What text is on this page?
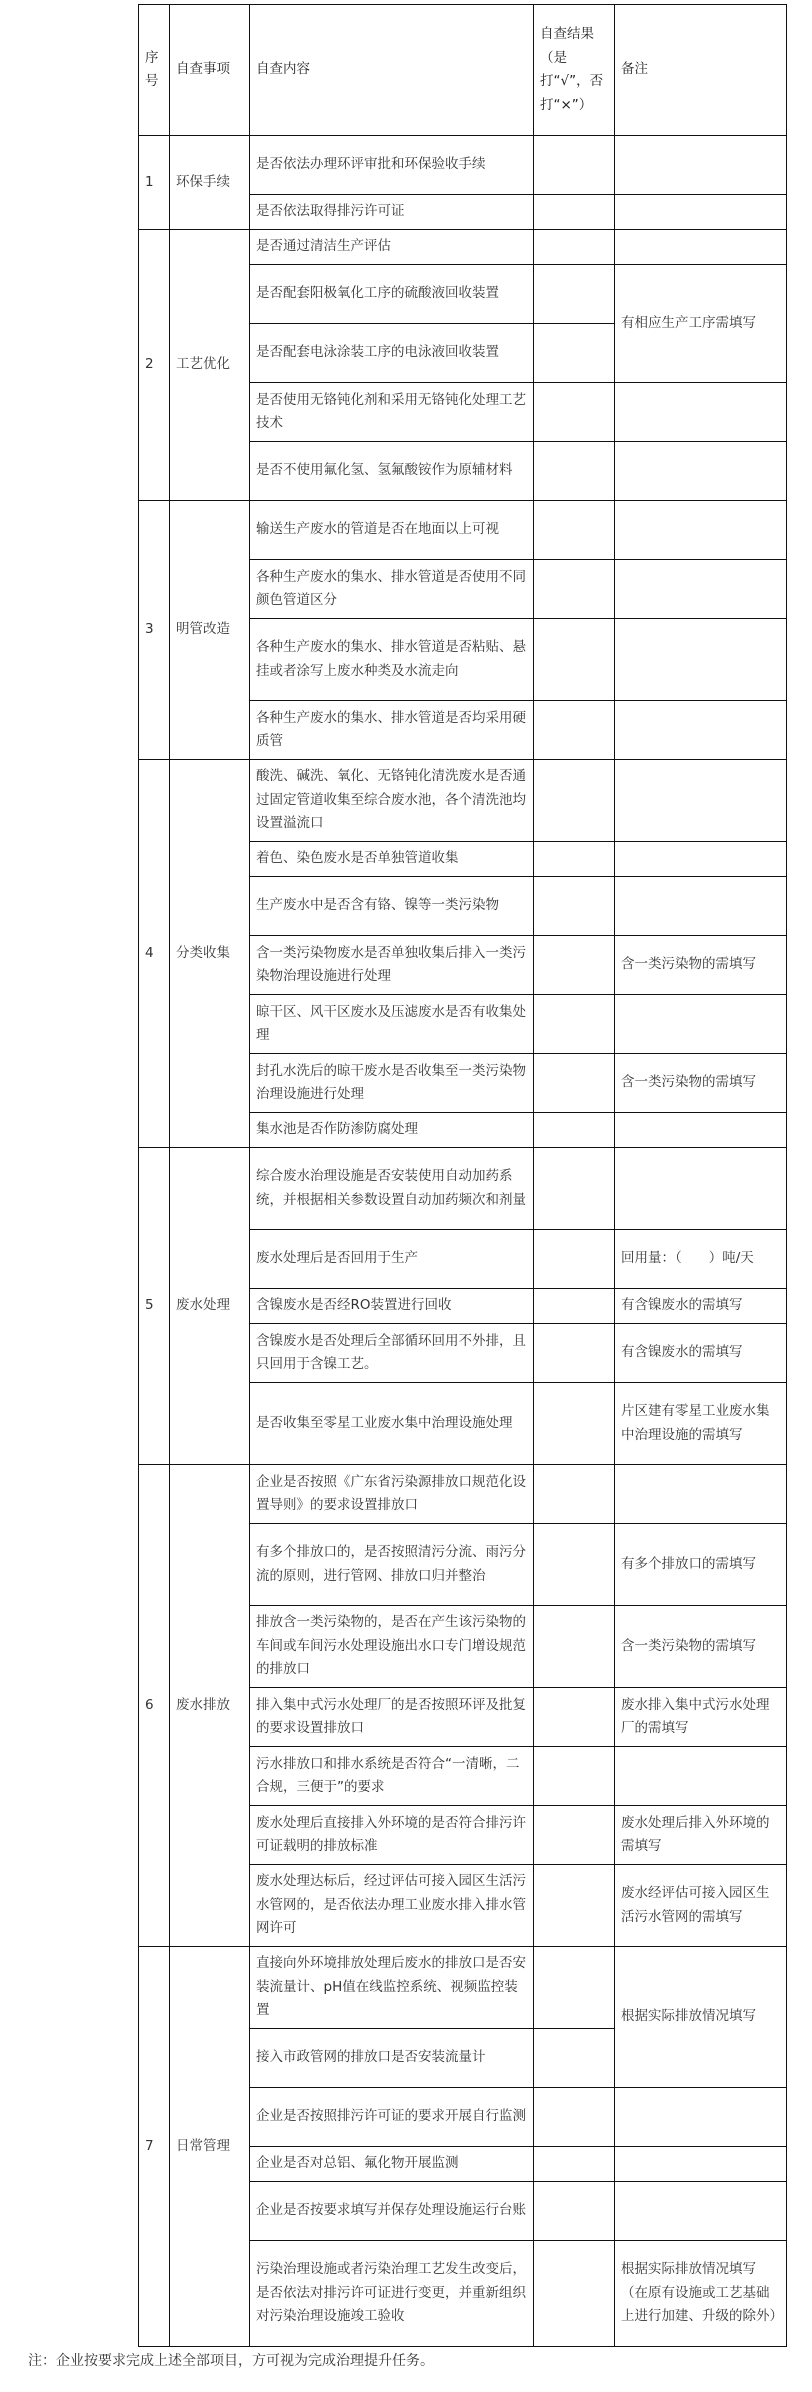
序号	自查事项	自查内容	自查结果（是打“√”，否打“×”）	备注
1	环保手续	是否依法办理环评审批和环保验收手续		
		是否依法取得排污许可证		
2	工艺优化	是否通过清洁生产评估		
		是否配套阳极氧化工序的硫酸液回收装置		有相应生产工序需填写
		是否配套电泳涂装工序的电泳液回收装置		
		是否使用无铬钝化剂和采用无铬钝化处理工艺技术		
		是否不使用氟化氢、氢氟酸铵作为原辅材料		
3	明管改造	输送生产废水的管道是否在地面以上可视		
		各种生产废水的集水、排水管道是否使用不同颜色管道区分		
		各种生产废水的集水、排水管道是否粘贴、悬挂或者涂写上废水种类及水流走向		
		各种生产废水的集水、排水管道是否均采用硬质管		
4	分类收集	酸洗、碱洗、氧化、无铬钝化清洗废水是否通过固定管道收集至综合废水池，各个清洗池均设置溢流口		
		着色、染色废水是否单独管道收集		
		生产废水中是否含有铬、镍等一类污染物		
		含一类污染物废水是否单独收集后排入一类污染物治理设施进行处理		含一类污染物的需填写
		晾干区、风干区废水及压滤废水是否有收集处理		
		封孔水洗后的晾干废水是否收集至一类污染物治理设施进行处理		含一类污染物的需填写
		集水池是否作防渗防腐处理		
5	废水处理	综合废水治理设施是否安装使用自动加药系统，并根据相关参数设置自动加药频次和剂量		
		废水处理后是否回用于生产		回用量：（　　）吨/天
		含镍废水是否经RO装置进行回收		有含镍废水的需填写
		含镍废水是否处理后全部循环回用不外排，且只回用于含镍工艺。		有含镍废水的需填写
		是否收集至零星工业废水集中治理设施处理		片区建有零星工业废水集中治理设施的需填写
6	废水排放	企业是否按照《广东省污染源排放口规范化设置导则》的要求设置排放口		
		有多个排放口的，是否按照清污分流、雨污分流的原则，进行管网、排放口归并整治		有多个排放口的需填写
		排放含一类污染物的，是否在产生该污染物的车间或车间污水处理设施出水口专门增设规范的排放口		含一类污染物的需填写
		排入集中式污水处理厂的是否按照环评及批复的要求设置排放口		废水排入集中式污水处理厂的需填写
		污水排放口和排水系统是否符合“一清晰，二合规，三便于”的要求		
		废水处理后直接排入外环境的是否符合排污许可证载明的排放标准		废水处理后排入外环境的需填写
		废水处理达标后，经过评估可接入园区生活污水管网的，是否依法办理工业废水排入排水管网许可		废水经评估可接入园区生活污水管网的需填写
7	日常管理	直接向外环境排放处理后废水的排放口是否安装流量计、pH值在线监控系统、视频监控装置		根据实际排放情况填写
		接入市政管网的排放口是否安装流量计		
		企业是否按照排污许可证的要求开展自行监测		
		企业是否对总铝、氟化物开展监测		
		企业是否按要求填写并保存处理设施运行台账		
		污染治理设施或者污染治理工艺发生改变后，是否依法对排污许可证进行变更，并重新组织对污染治理设施竣工验收		根据实际排放情况填写（在原有设施或工艺基础上进行加建、升级的除外）
注：企业按要求完成上述全部项目，方可视为完成治理提升任务。
